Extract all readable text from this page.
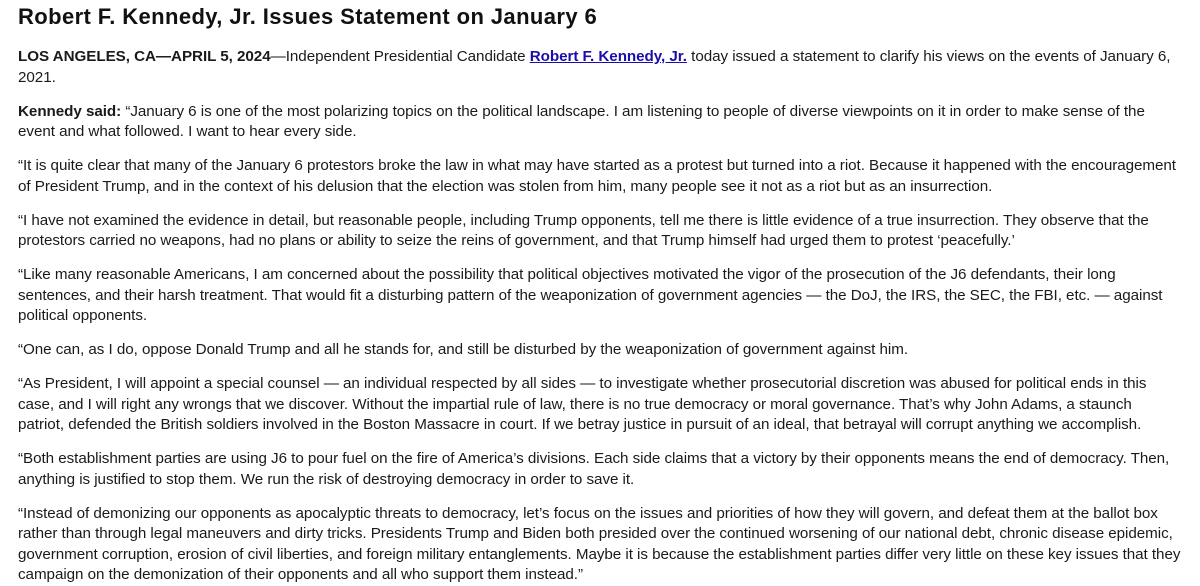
Robert F. Kennedy, Jr. Issues Statement on January 6

LOS ANGELES, CA—APRIL 5, 2024—Independent Presidential Candidate Robert F. Kennedy, Jr. today issued a statement to clarify his views on the events of January 6, 2021.

Kennedy said: “January 6 is one of the most polarizing topics on the political landscape. I am listening to people of diverse viewpoints on it in order to make sense of the event and what followed. I want to hear every side.

“It is quite clear that many of the January 6 protestors broke the law in what may have started as a protest but turned into a riot. Because it happened with the encouragement of President Trump, and in the context of his delusion that the election was stolen from him, many people see it not as a riot but as an insurrection.

“I have not examined the evidence in detail, but reasonable people, including Trump opponents, tell me there is little evidence of a true insurrection. They observe that the protestors carried no weapons, had no plans or ability to seize the reins of government, and that Trump himself had urged them to protest ‘peacefully.’

“Like many reasonable Americans, I am concerned about the possibility that political objectives motivated the vigor of the prosecution of the J6 defendants, their long sentences, and their harsh treatment. That would fit a disturbing pattern of the weaponization of government agencies — the DoJ, the IRS, the SEC, the FBI, etc. — against political opponents.

“One can, as I do, oppose Donald Trump and all he stands for, and still be disturbed by the weaponization of government against him.

“As President, I will appoint a special counsel — an individual respected by all sides — to investigate whether prosecutorial discretion was abused for political ends in this case, and I will right any wrongs that we discover. Without the impartial rule of law, there is no true democracy or moral governance. That’s why John Adams, a staunch patriot, defended the British soldiers involved in the Boston Massacre in court. If we betray justice in pursuit of an ideal, that betrayal will corrupt anything we accomplish.

“Both establishment parties are using J6 to pour fuel on the fire of America’s divisions. Each side claims that a victory by their opponents means the end of democracy. Then, anything is justified to stop them. We run the risk of destroying democracy in order to save it.

“Instead of demonizing our opponents as apocalyptic threats to democracy, let’s focus on the issues and priorities of how they will govern, and defeat them at the ballot box rather than through legal maneuvers and dirty tricks. Presidents Trump and Biden both presided over the continued worsening of our national debt, chronic disease epidemic, government corruption, erosion of civil liberties, and foreign military entanglements. Maybe it is because the establishment parties differ very little on these key issues that they campaign on the demonization of their opponents and all who support them instead.”
